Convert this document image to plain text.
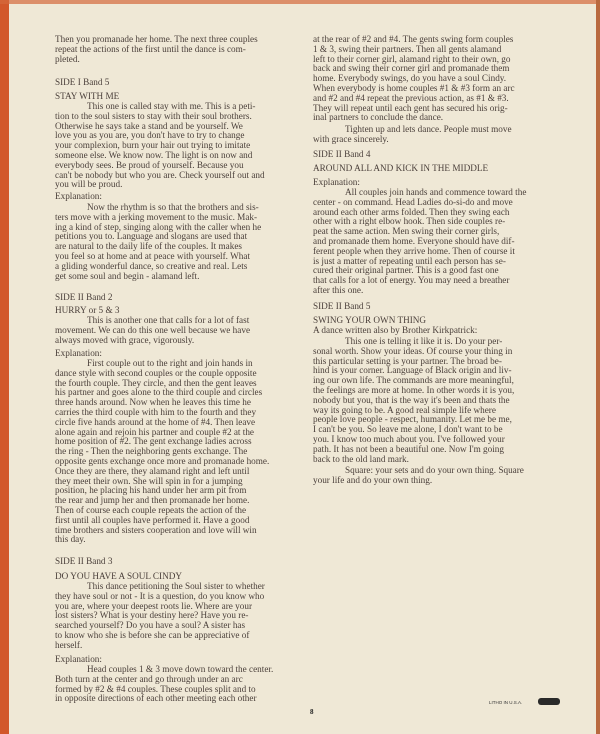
Then you promanade her home. The next three couples
repeat the actions of the first until the dance is com-
pleted.
SIDE I Band 5
STAY WITH ME
This one is called stay with me. This is a peti-
tion to the soul sisters to stay with their soul brothers.
Otherwise he says take a stand and be yourself. We
love you as you are, you don't have to try to change
your complexion, burn your hair out trying to imitate
someone else. We know now. The light is on now and
everybody sees. Be proud of yourself. Because you
can't be nobody but who you are. Check yourself out and
you will be proud.
Explanation:
Now the rhythm is so that the brothers and sis-
ters move with a jerking movement to the music. Mak-
ing a kind of step, singing along with the caller when he
petitions you to. Language and slogans are used that
are natural to the daily life of the couples. It makes
you feel so at home and at peace with yourself. What
a gliding wonderful dance, so creative and real. Lets
get some soul and begin - alamand left.
SIDE II Band 2
HURRY or 5 & 3
This is another one that calls for a lot of fast
movement. We can do this one well because we have
always moved with grace, vigorously.
Explanation:
First couple out to the right and join hands in
dance style with second couples or the couple opposite
the fourth couple. They circle, and then the gent leaves
his partner and goes alone to the third couple and circles
three hands around. Now when he leaves this time he
carries the third couple with him to the fourth and they
circle five hands around at the home of #4. Then leave
alone again and rejoin his partner and couple #2 at the
home position of #2. The gent exchange ladies across
the ring - Then the neighboring gents exchange. The
opposite gents exchange once more and promanade home.
Once they are there, they alamand right and left until
they meet their own. She will spin in for a jumping
position, he placing his hand under her arm pit from
the rear and jump her and then promanade her home.
Then of course each couple repeats the action of the
first until all couples have performed it. Have a good
time brothers and sisters cooperation and love will win
this day.
SIDE II Band 3
DO YOU HAVE A SOUL CINDY
This dance petitioning the Soul sister to whether
they have soul or not - It is a question, do you know who
you are, where your deepest roots lie. Where are your
lost sisters? What is your destiny here? Have you re-
searched yourself? Do you have a soul? A sister has
to know who she is before she can be appreciative of
herself.
Explanation:
Head couples 1 & 3 move down toward the center.
Both turn at the center and go through under an arc
formed by #2 & #4 couples. These couples split and to
in opposite directions of each other meeting each other
at the rear of #2 and #4. The gents swing form couples
1 & 3, swing their partners. Then all gents alamand
left to their corner girl, alamand right to their own, go
back and swing their corner girl and promanade them
home. Everybody swings, do you have a soul Cindy.
When everybody is home couples #1 & #3 form an arc
and #2 and #4 repeat the previous action, as #1 & #3.
They will repeat until each gent has secured his orig-
inal partners to conclude the dance.
Tighten up and lets dance. People must move
with grace sincerely.
SIDE II Band 4
AROUND ALL AND KICK IN THE MIDDLE
Explanation:
All couples join hands and commence toward the
center - on command. Head Ladies do-si-do and move
around each other arms folded. Then they swing each
other with a right elbow hook. Then side couples re-
peat the same action. Men swing their corner girls,
and promanade them home. Everyone should have dif-
ferent people when they arrive home. Then of course it
is just a matter of repeating until each person has se-
cured their original partner. This is a good fast one
that calls for a lot of energy. You may need a breather
after this one.
SIDE II Band 5
SWING YOUR OWN THING
A dance written also by Brother Kirkpatrick:
This one is telling it like it is. Do your per-
sonal worth. Show your ideas. Of course your thing in
this particular setting is your partner. The broad be-
hind is your corner. Language of Black origin and liv-
ing our own life. The commands are more meaningful,
the feelings are more at home. In other words it is you,
nobody but you, that is the way it's been and thats the
way its going to be. A good real simple life where
people love people - respect, humanity. Let me be me,
I can't be you. So leave me alone, I don't want to be
you. I know too much about you. I've followed your
path. It has not been a beautiful one. Now I'm going
back to the old land mark.
Square: your sets and do your own thing. Square
your life and do your own thing.
LITHO IN U.S.A.
8
